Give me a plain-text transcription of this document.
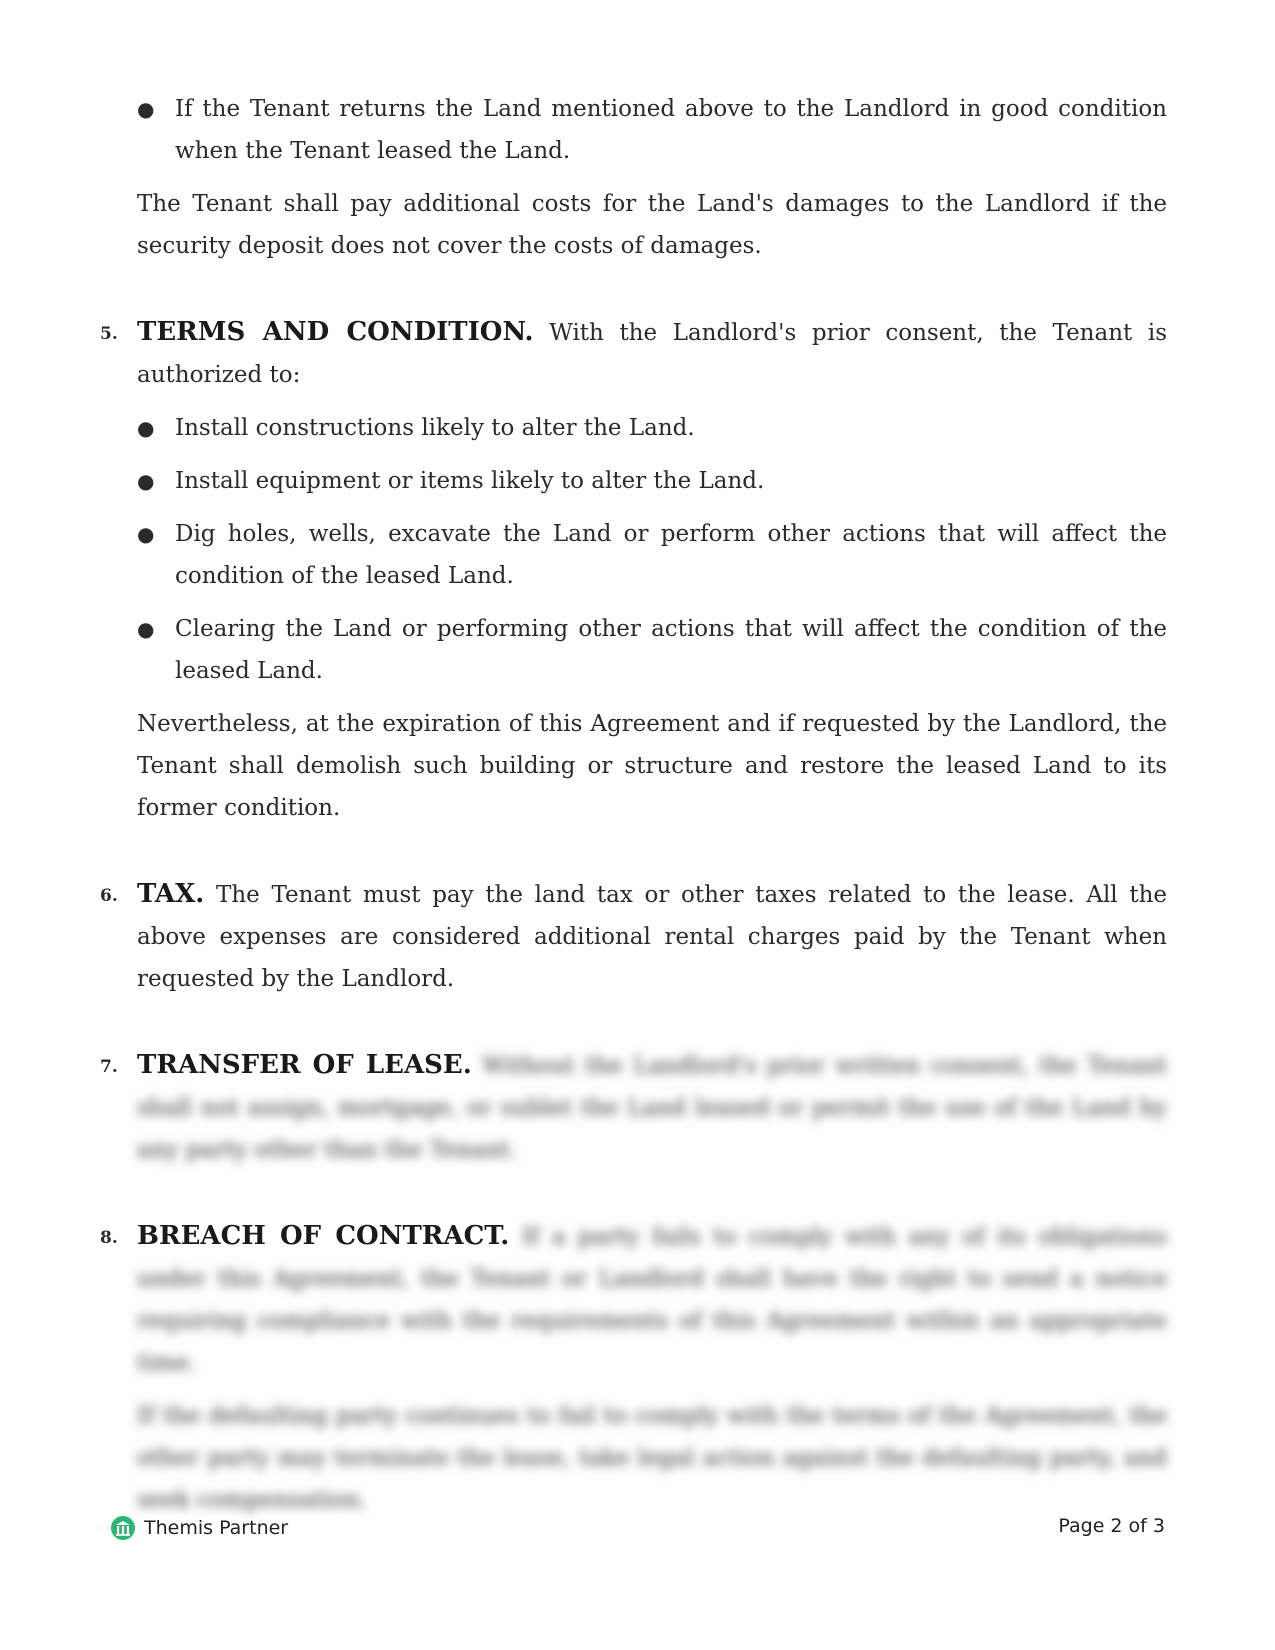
● If the Tenant returns the Land mentioned above to the Landlord in good condition when the Tenant leased the Land.

The Tenant shall pay additional costs for the Land's damages to the Landlord if the security deposit does not cover the costs of damages.

5. TERMS AND CONDITION. With the Landlord's prior consent, the Tenant is authorized to:

● Install constructions likely to alter the Land.
● Install equipment or items likely to alter the Land.
● Dig holes, wells, excavate the Land or perform other actions that will affect the condition of the leased Land.
● Clearing the Land or performing other actions that will affect the condition of the leased Land.

Nevertheless, at the expiration of this Agreement and if requested by the Landlord, the Tenant shall demolish such building or structure and restore the leased Land to its former condition.

6. TAX. The Tenant must pay the land tax or other taxes related to the lease. All the above expenses are considered additional rental charges paid by the Tenant when requested by the Landlord.

7. TRANSFER OF LEASE. Without the Landlord's prior written consent, the Tenant shall not assign, mortgage, or sublet the Land leased or permit the use of the Land by any party other than the Tenant.

8. BREACH OF CONTRACT. If a party fails to comply with any of its obligations under this Agreement, the Tenant or Landlord shall have the right to send a notice requiring compliance with the requirements of this Agreement within an appropriate time.

If the defaulting party continues to fail to comply with the terms of the Agreement, the other party may terminate the lease, take legal action against the defaulting party, and seek compensation.

Themis Partner	Page 2 of 3
